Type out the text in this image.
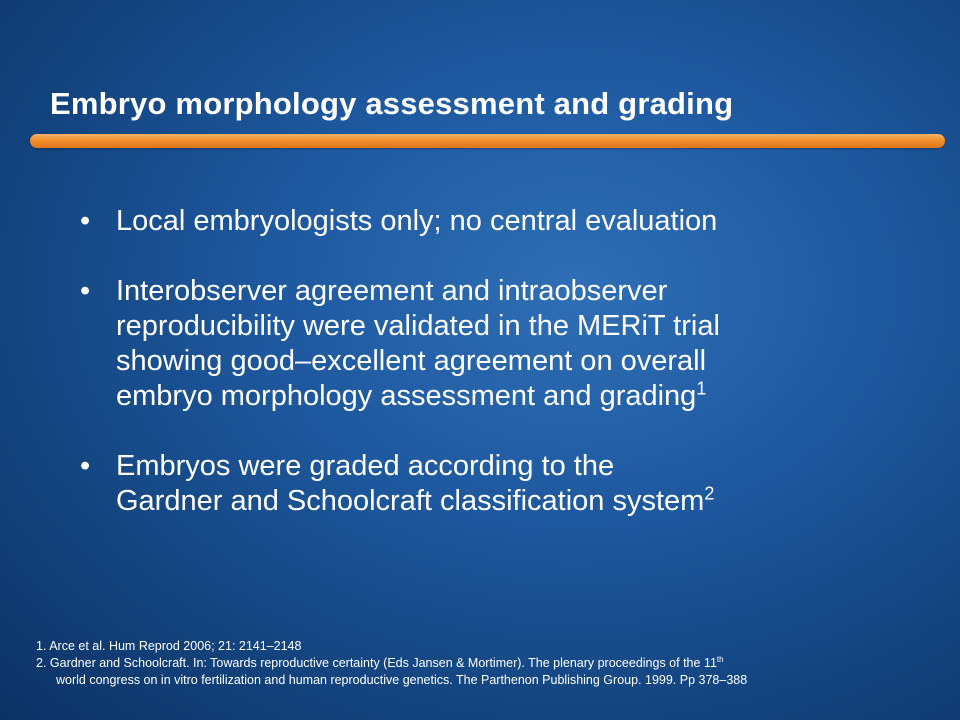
Embryo morphology assessment and grading
• Local embryologists only; no central evaluation
• Interobserver agreement and intraobserver
reproducibility were validated in the MERiT trial
showing good–excellent agreement on overall
embryo morphology assessment and grading$^1$
• Embryos were graded according to the
Gardner and Schoolcraft classification system$^2$
1. Arce et al. Hum Reprod 2006; 21: 2141–2148
2. Gardner and Schoolcraft. In: Towards reproductive certainty (Eds Jansen & Mortimer). The plenary proceedings of the 11th
world congress on in vitro fertilization and human reproductive genetics. The Parthenon Publishing Group. 1999. Pp 378–388
